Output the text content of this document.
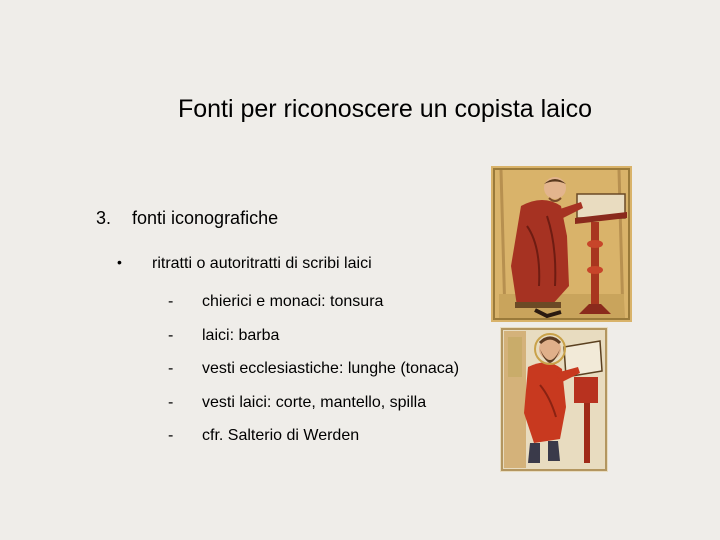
Fonti per riconoscere un copista laico
3. fonti iconografiche
• ritratti o autoritratti di scribi laici
- chierici e monaci: tonsura
- laici: barba
- vesti ecclesiastiche: lunghe (tonaca)
- vesti laici: corte, mantello, spilla
- cfr. Salterio di Werden
